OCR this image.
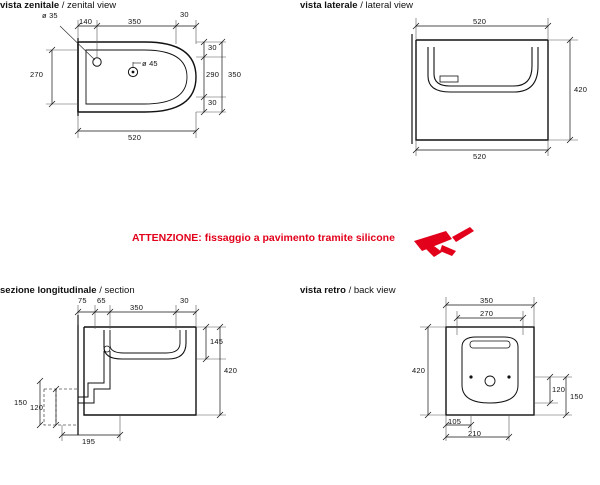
ø 35
ø 45
140	350
30
30
290
30
350
270
520
vista zenitale / zenital view
520
420
520
vista laterale / lateral view
ATTENZIONE: fissaggio a pavimento tramite silicone
75 65
350
30
145
420
150
120
195
sezione longitudinale / section
350
270
420
120
150
105
210
vista retro / back view
